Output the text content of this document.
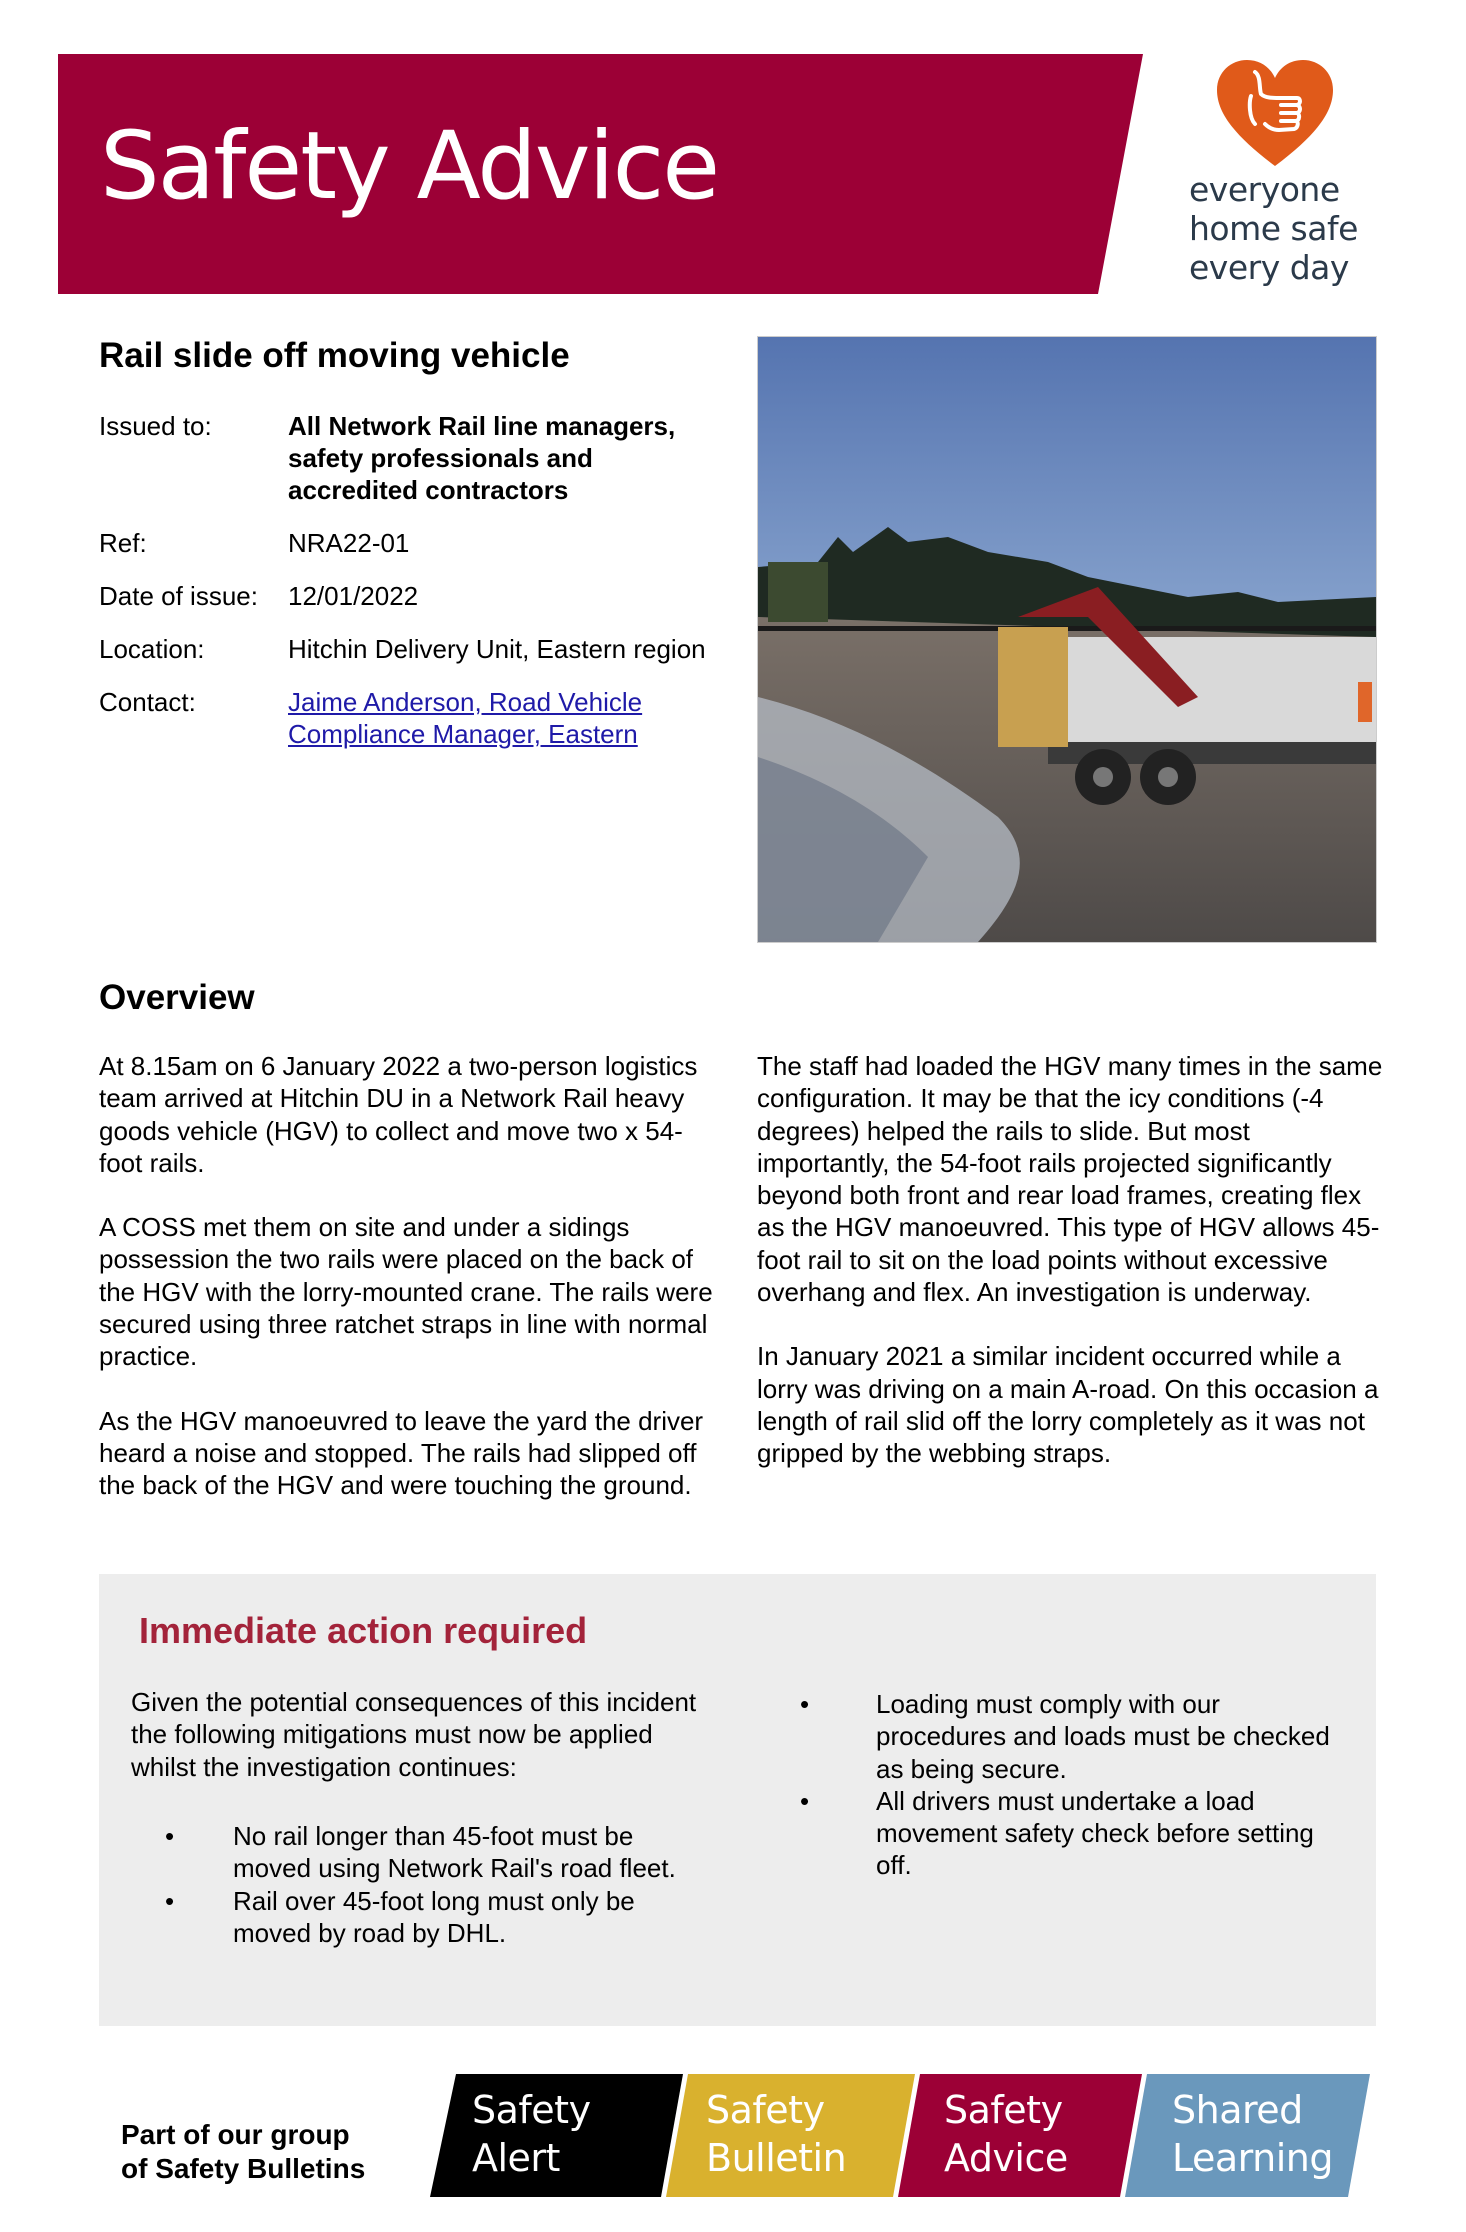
Safety Advice	everyone
home safe
every day
Rail slide off moving vehicle
Issued to:	All Network Rail line managers, safety professionals and accredited contractors
Ref:	NRA22-01
Date of issue:	12/01/2022
Location:	Hitchin Delivery Unit, Eastern region
Contact:	Jaime Anderson, Road Vehicle Compliance Manager, Eastern
Overview

At 8.15am on 6 January 2022 a two-person logistics team arrived at Hitchin DU in a Network Rail heavy goods vehicle (HGV) to collect and move two x 54-foot rails.

A COSS met them on site and under a sidings possession the two rails were placed on the back of the HGV with the lorry-mounted crane. The rails were secured using three ratchet straps in line with normal practice.

As the HGV manoeuvred to leave the yard the driver heard a noise and stopped. The rails had slipped off the back of the HGV and were touching the ground.

The staff had loaded the HGV many times in the same configuration. It may be that the icy conditions (-4 degrees) helped the rails to slide. But most importantly, the 54-foot rails projected significantly beyond both front and rear load frames, creating flex as the HGV manoeuvred. This type of HGV allows 45-foot rail to sit on the load points without excessive overhang and flex. An investigation is underway.

In January 2021 a similar incident occurred while a lorry was driving on a main A-road. On this occasion a length of rail slid off the lorry completely as it was not gripped by the webbing straps.

Immediate action required
Given the potential consequences of this incident the following mitigations must now be applied whilst the investigation continues:
• No rail longer than 45-foot must be moved using Network Rail's road fleet.
• Rail over 45-foot long must only be moved by road by DHL.
•	Loading must comply with our procedures and loads must be checked as being secure.
•	All drivers must undertake a load movement safety check before setting off.
Part of our group
of Safety Bulletins
Safety
Alert
Safety
Bulletin
Safety
Advice
Shared
Learning
